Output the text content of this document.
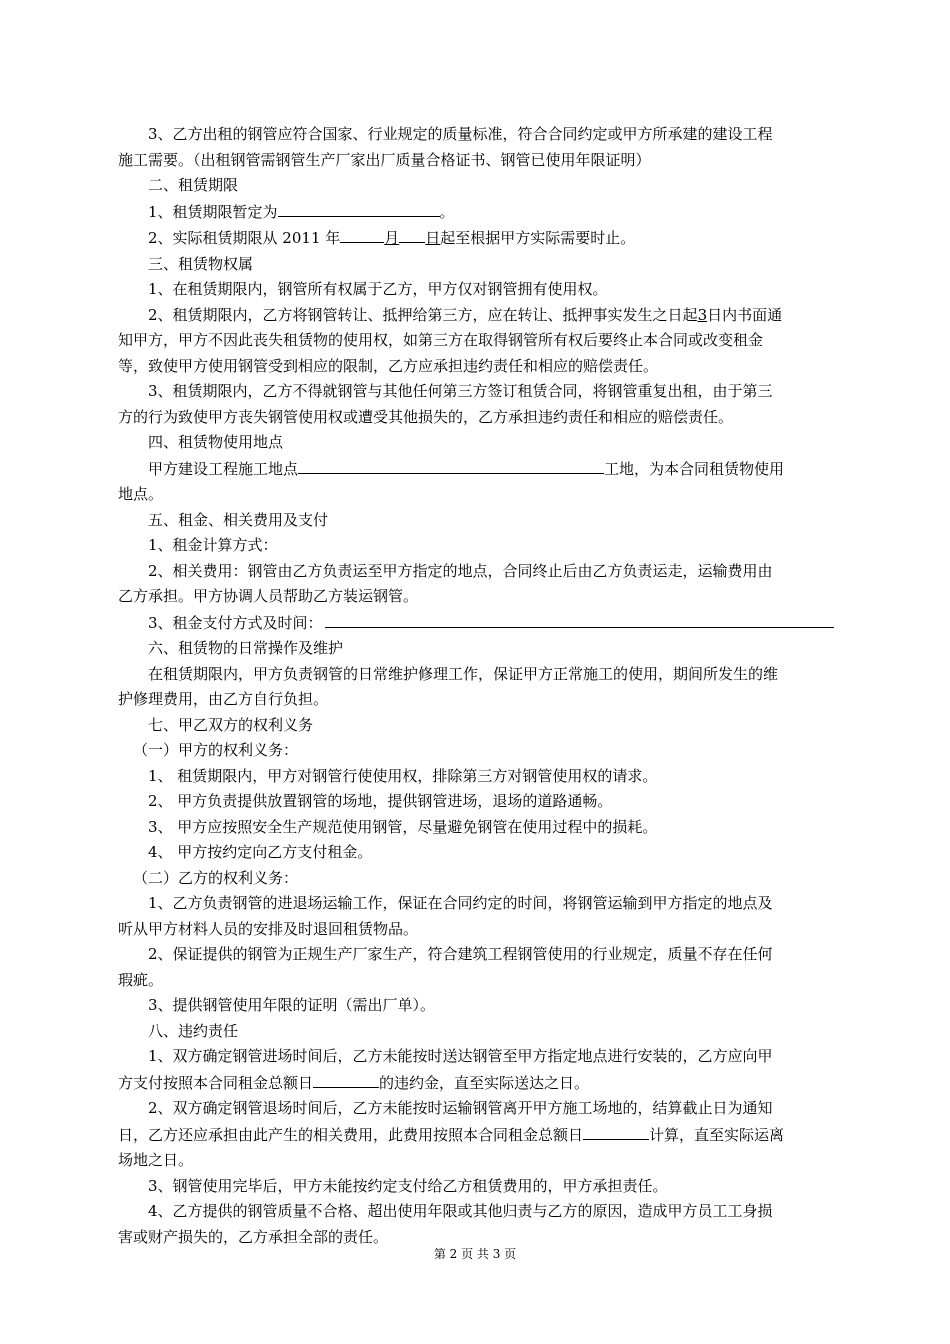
3、乙方出租的钢管应符合国家、行业规定的质量标准，符合合同约定或甲方所承建的建设工程
施工需要。（出租钢管需钢管生产厂家出厂质量合格证书、钢管已使用年限证明）
二、租赁期限
1、租赁期限暂定为	。
2、实际租赁期限从 2011 年	月 日起至根据甲方实际需要时止。
三、租赁物权属
1、在租赁期限内，钢管所有权属于乙方，甲方仅对钢管拥有使用权。
2、租赁期限内，乙方将钢管转让、抵押给第三方，应在转让、抵押事实发生之日起3日内书面通
知甲方，甲方不因此丧失租赁物的使用权，如第三方在取得钢管所有权后要终止本合同或改变租金
等，致使甲方使用钢管受到相应的限制，乙方应承担违约责任和相应的赔偿责任。
3、租赁期限内，乙方不得就钢管与其他任何第三方签订租赁合同，将钢管重复出租，由于第三
方的行为致使甲方丧失钢管使用权或遭受其他损失的，乙方承担违约责任和相应的赔偿责任。
四、租赁物使用地点
甲方建设工程施工地点	工地，为本合同租赁物使用
地点。
五、租金、相关费用及支付
1、租金计算方式：
2、相关费用：钢管由乙方负责运至甲方指定的地点，合同终止后由乙方负责运走，运输费用由
乙方承担。甲方协调人员帮助乙方装运钢管。
3、租金支付方式及时间：
六、租赁物的日常操作及维护
在租赁期限内，甲方负责钢管的日常维护修理工作，保证甲方正常施工的使用，期间所发生的维
护修理费用，由乙方自行负担。
七、甲乙双方的权利义务
（一）甲方的权利义务：
1、 租赁期限内，甲方对钢管行使使用权，排除第三方对钢管使用权的请求。
2、 甲方负责提供放置钢管的场地，提供钢管进场，退场的道路通畅。
3、 甲方应按照安全生产规范使用钢管，尽量避免钢管在使用过程中的损耗。
4、 甲方按约定向乙方支付租金。
（二）乙方的权利义务：
1、乙方负责钢管的进退场运输工作，保证在合同约定的时间，将钢管运输到甲方指定的地点及
听从甲方材料人员的安排及时退回租赁物品。
2、保证提供的钢管为正规生产厂家生产，符合建筑工程钢管使用的行业规定，质量不存在任何
瑕疵。
3、提供钢管使用年限的证明（需出厂单）。
八、违约责任
1、双方确定钢管进场时间后，乙方未能按时送达钢管至甲方指定地点进行安装的，乙方应向甲
方支付按照本合同租金总额日	的违约金，直至实际送达之日。
2、双方确定钢管退场时间后，乙方未能按时运输钢管离开甲方施工场地的，结算截止日为通知
日，乙方还应承担由此产生的相关费用，此费用按照本合同租金总额日	计算，直至实际运离
场地之日。
3、钢管使用完毕后，甲方未能按约定支付给乙方租赁费用的，甲方承担责任。
4、乙方提供的钢管质量不合格、超出使用年限或其他归责与乙方的原因，造成甲方员工工身损
害或财产损失的，乙方承担全部的责任。
第 2 页 共 3 页
